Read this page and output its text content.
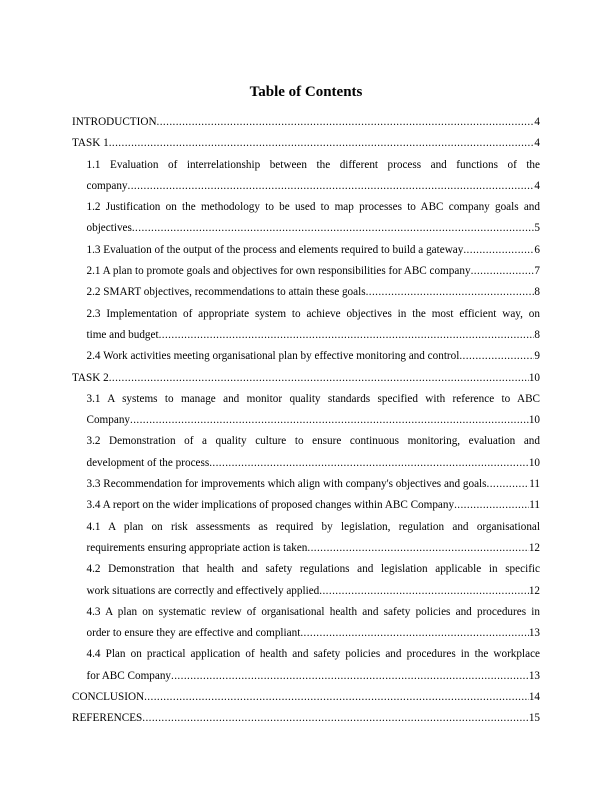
Table of Contents
INTRODUCTION .....	4
TASK 1 .....	4
1.1 Evaluation of interrelationship between the different process and functions of the
company .....	4
1.2 Justification on the methodology to be used to map processes to ABC company goals and
objectives .....	5
1.3 Evaluation of the output of the process and elements required to build a gateway .....	6
2.1 A plan to promote goals and objectives for own responsibilities for ABC company .....	7
2.2 SMART objectives, recommendations to attain these goals .....	8
2.3 Implementation of appropriate system to achieve objectives in the most efficient way, on
time and budget .....	8
2.4 Work activities meeting organisational plan by effective monitoring and control .....	9
TASK 2 .....	10
3.1 A systems to manage and monitor quality standards specified with reference to ABC
Company .....	10
3.2 Demonstration of a quality culture to ensure continuous monitoring, evaluation and
development of the process .....	10
3.3 Recommendation for improvements which align with company's objectives and goals .....	11
3.4 A report on the wider implications of proposed changes within ABC Company .....	11
4.1 A plan on risk assessments as required by legislation, regulation and organisational
requirements ensuring appropriate action is taken .....	12
4.2 Demonstration that health and safety regulations and legislation applicable in specific
work situations are correctly and effectively applied .....	12
4.3 A plan on systematic review of organisational health and safety policies and procedures in
order to ensure they are effective and compliant .....	13
4.4 Plan on practical application of health and safety policies and procedures in the workplace
for ABC Company .....	13
CONCLUSION .....	14
REFERENCES .....	15
